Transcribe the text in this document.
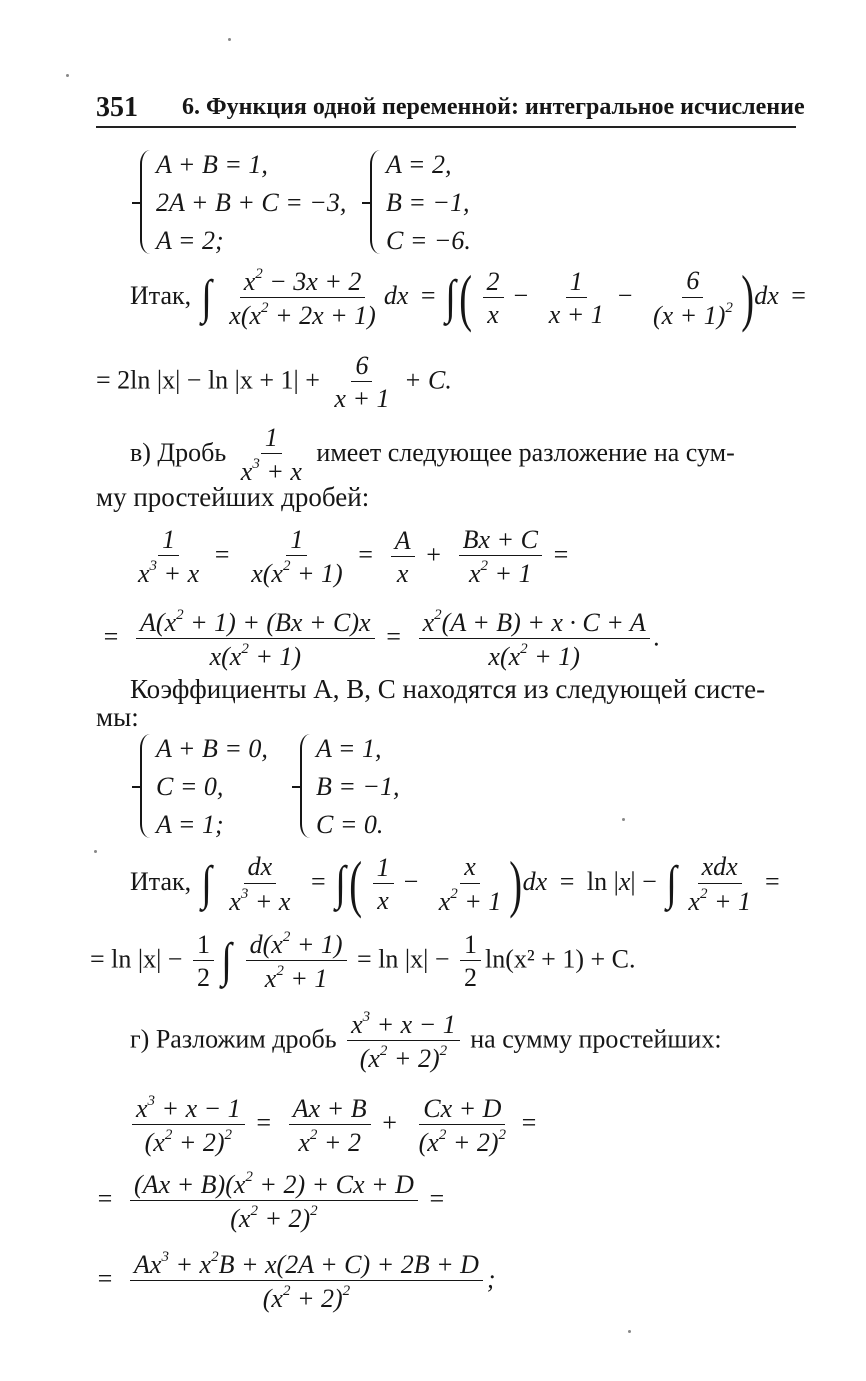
351 6. Функция одной переменной: интегральное исчисление
A + B = 1,
2A + B + C = −3,
A = 2;
A = 2,
B = −1,
C = −6.
Итак, ∫ $\frac{x^2 - 3x + 2}{x(x^2 + 2x + 1)}$ dx = ∫( $\frac{2}{x} - \frac{1}{x + 1} - \frac{6}{(x + 1)^2} )dx$ =
= 2ln $|x| - \ln |x + 1| + \frac{6}{x + 1} + C$.
в) Дробь $\frac{1}{x^3 + x}$ имеет следующее разложение на сум-
му простейших дробей:
$\frac{1}{x^3 + x} = \frac{1}{x(x^2 + 1)} = \frac{A}{x} + \frac{Bx + C}{x^2 + 1}$ =
= $\frac{A(x^2 + 1) + (Bx + C)x}{x(x^2 + 1)} = \frac{x^2(A + B) + x \cdot C + A}{x(x^2 + 1)}$ .
Коэффициенты A, B, C находятся из следующей систе-
мы:
A + B = 0,
C = 0,
A = 1;
A = 1,
B = −1,
C = 0.
Итак, ∫ $\frac{dx}{x^3 + x}$ = ∫( $\frac{1}{x} - \frac{x}{x^2 + 1} )dx = \ln |x|$ − ∫ $\frac{\text{xdx}}{x^2 + 1}$ =
= $\ln |x| - \frac{1}{2}$ ∫ $\frac{d(x^2 + 1)}{x^2 + 1} = \ln |x| - \frac{1}{2} \ln(x^2 + 1) + C$.
г) Разложим дробь $\frac{x^3 + x - 1}{(x^2 + 2)^2}$ на сумму простейших:
$\frac{x^3 + x - 1}{(x^2 + 2)^2} = \frac{Ax + B}{x^2 + 2} + \frac{Cx + D}{(x^2 + 2)^2}$ =
= $\frac{(Ax + B)(x^2 + 2) + Cx + D}{(x^2 + 2)^2}$ =
= $\frac{Ax^3 + x^2B + x(2A + C) + 2B + D}{(x^2 + 2)^2}$ ;
